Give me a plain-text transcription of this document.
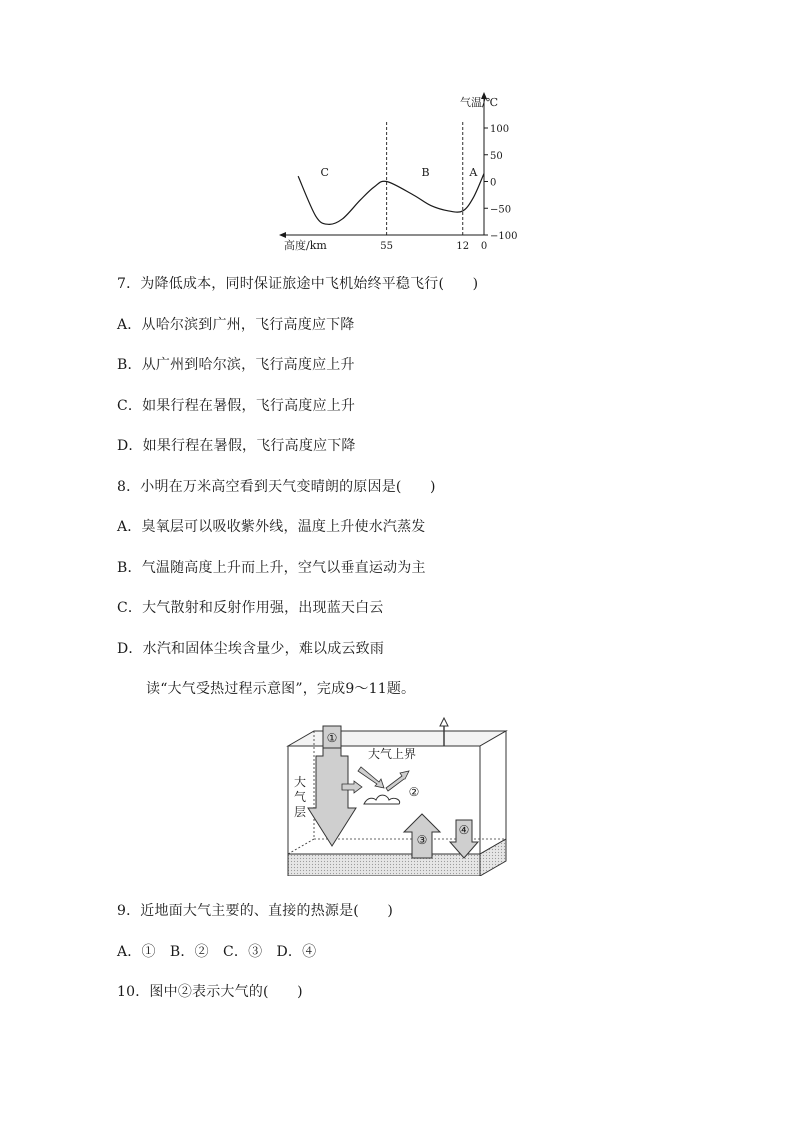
气温/℃
100
50
0
−50
−100
高度/km	55	12 0
C	B	A
7．为降低成本，同时保证旅途中飞机始终平稳飞行(　　)
A．从哈尔滨到广州，飞行高度应下降
B．从广州到哈尔滨，飞行高度应上升
C．如果行程在暑假，飞行高度应上升
D．如果行程在暑假，飞行高度应下降
8．小明在万米高空看到天气变晴朗的原因是(　　)
A．臭氧层可以吸收紫外线，温度上升使水汽蒸发
B．气温随高度上升而上升，空气以垂直运动为主
C．大气散射和反射作用强，出现蓝天白云
D．水汽和固体尘埃含量少，难以成云致雨
读“大气受热过程示意图”，完成9～11题。
大气上界
①
②
③
④
大气层
9．近地面大气主要的、直接的热源是(　　)
A．①　B．②　C．③　D．④
10．图中②表示大气的(　　)
